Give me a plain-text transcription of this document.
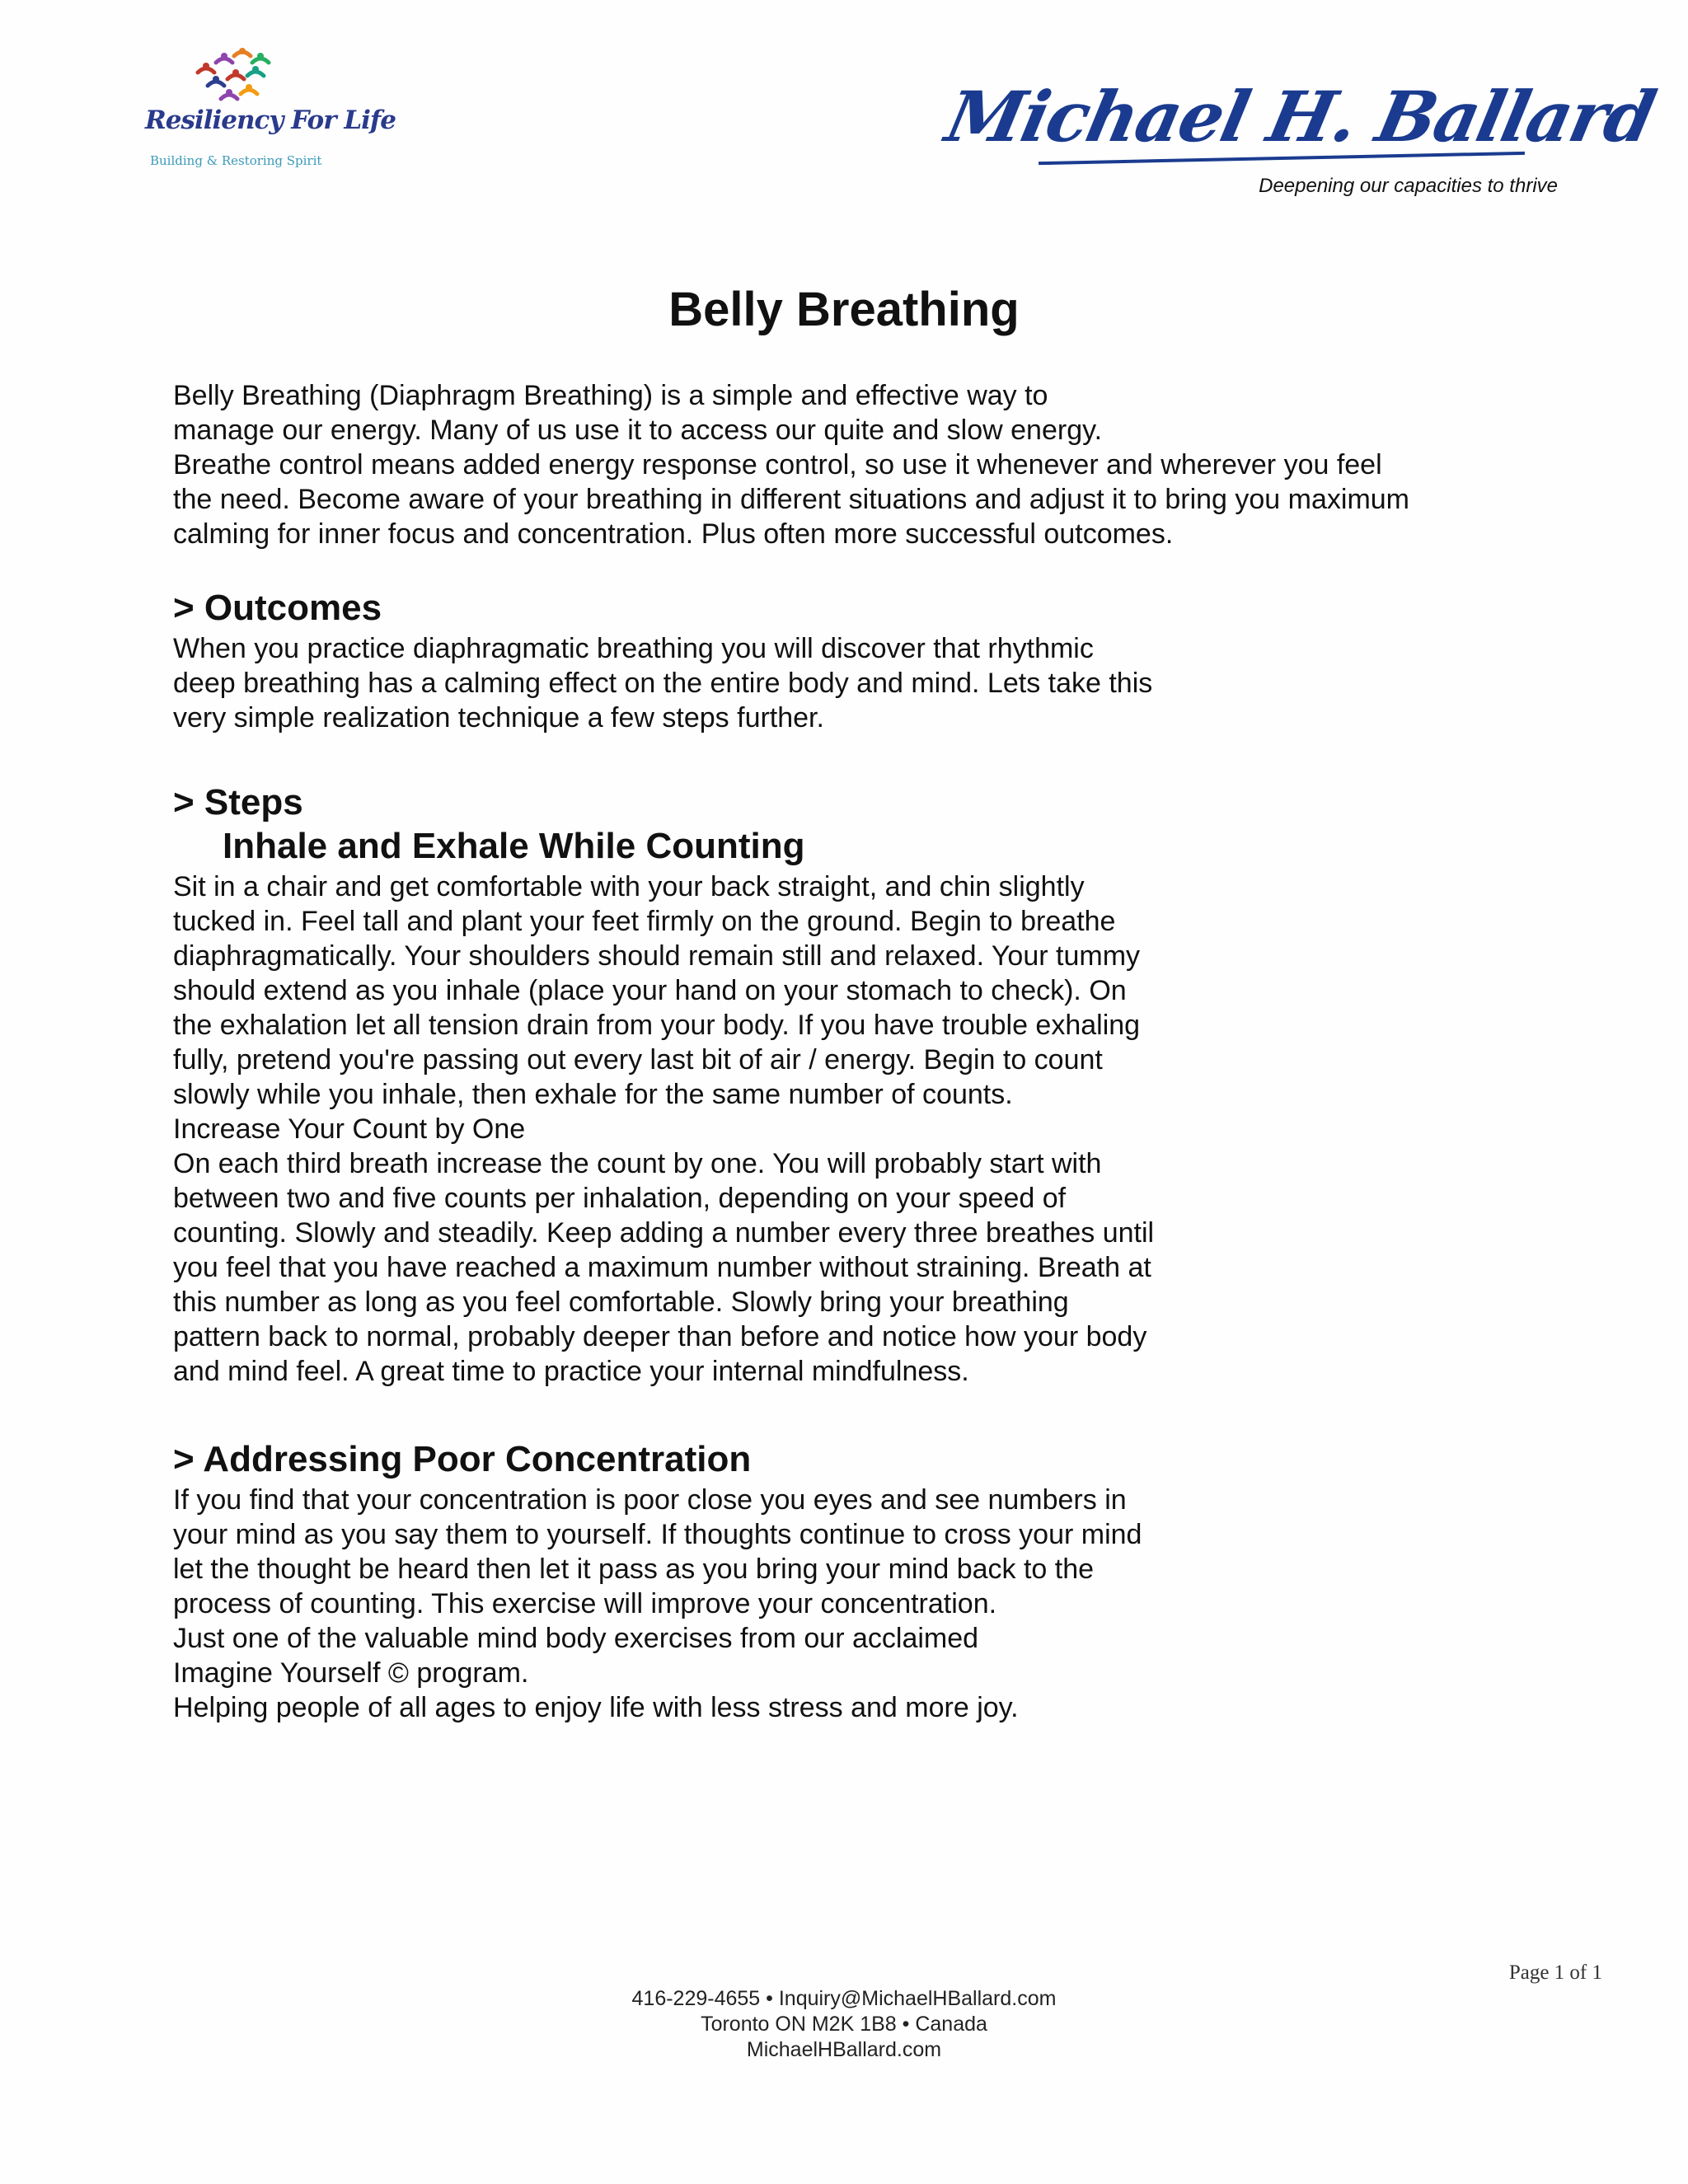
Resiliency For Life
Building & Restoring Spirit
Michael H. Ballard
Deepening our capacities to thrive
Belly Breathing

Belly Breathing (Diaphragm Breathing) is a simple and effective way to
manage our energy. Many of us use it to access our quite and slow energy.
Breathe control means added energy response control, so use it whenever and wherever you feel
the need. Become aware of your breathing in different situations and adjust it to bring you maximum
calming for inner focus and concentration. Plus often more successful outcomes.

> Outcomes

When you practice diaphragmatic breathing you will discover that rhythmic
deep breathing has a calming effect on the entire body and mind. Lets take this
very simple realization technique a few steps further.

> Steps
Inhale and Exhale While Counting

Sit in a chair and get comfortable with your back straight, and chin slightly
tucked in. Feel tall and plant your feet firmly on the ground. Begin to breathe
diaphragmatically. Your shoulders should remain still and relaxed. Your tummy
should extend as you inhale (place your hand on your stomach to check). On
the exhalation let all tension drain from your body. If you have trouble exhaling
fully, pretend you're passing out every last bit of air / energy. Begin to count
slowly while you inhale, then exhale for the same number of counts.
Increase Your Count by One
On each third breath increase the count by one. You will probably start with
between two and five counts per inhalation, depending on your speed of
counting. Slowly and steadily. Keep adding a number every three breathes until
you feel that you have reached a maximum number without straining. Breath at
this number as long as you feel comfortable. Slowly bring your breathing
pattern back to normal, probably deeper than before and notice how your body
and mind feel. A great time to practice your internal mindfulness.

> Addressing Poor Concentration

If you find that your concentration is poor close you eyes and see numbers in
your mind as you say them to yourself. If thoughts continue to cross your mind
let the thought be heard then let it pass as you bring your mind back to the
process of counting. This exercise will improve your concentration.
Just one of the valuable mind body exercises from our acclaimed
Imagine Yourself © program.
Helping people of all ages to enjoy life with less stress and more joy.

Page 1 of 1
416-229-4655 • Inquiry@MichaelHBallard.com
Toronto ON M2K 1B8 • Canada
MichaelHBallard.com
